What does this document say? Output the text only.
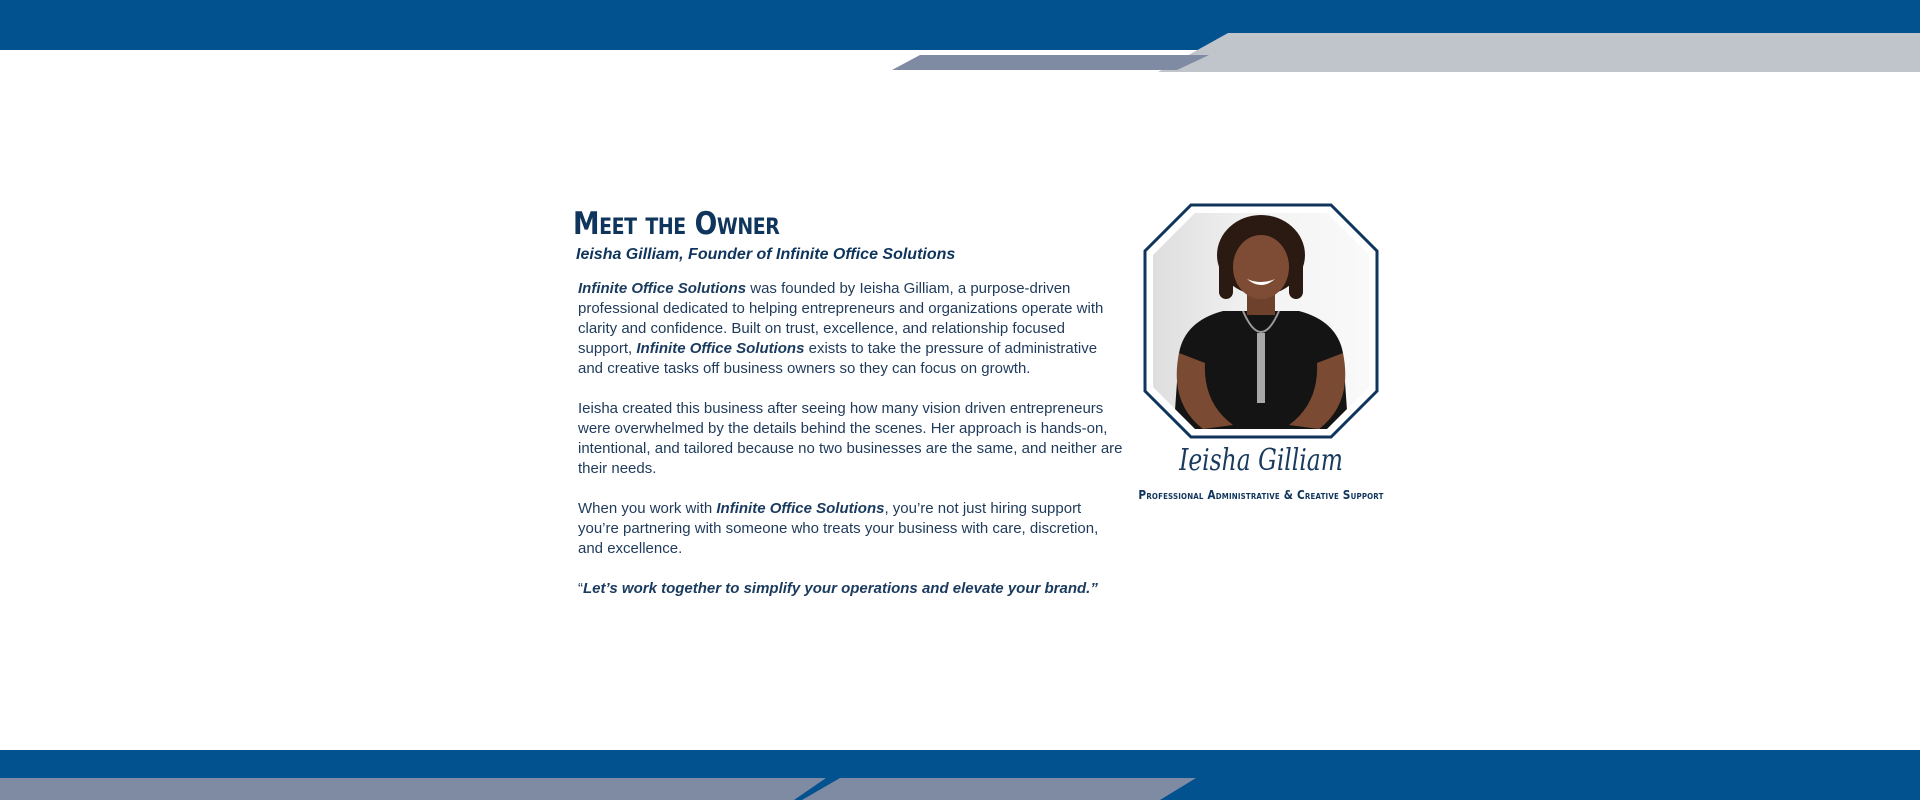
Meet the Owner
Ieisha Gilliam, Founder of Infinite Office Solutions

Infinite Office Solutions was founded by Ieisha Gilliam, a purpose-driven professional dedicated to helping entrepreneurs and organizations operate with clarity and confidence. Built on trust, excellence, and relationship focused support, Infinite Office Solutions exists to take the pressure of administrative and creative tasks off business owners so they can focus on growth.

Ieisha created this business after seeing how many vision driven entrepreneurs were overwhelmed by the details behind the scenes. Her approach is hands-on, intentional, and tailored because no two businesses are the same, and neither are their needs.

When you work with Infinite Office Solutions, you’re not just hiring support you’re partnering with someone who treats your business with care, discretion, and excellence.

“Let’s work together to simplify your operations and elevate your brand.”

Ieisha Gilliam
Professional Administrative & Creative Support
